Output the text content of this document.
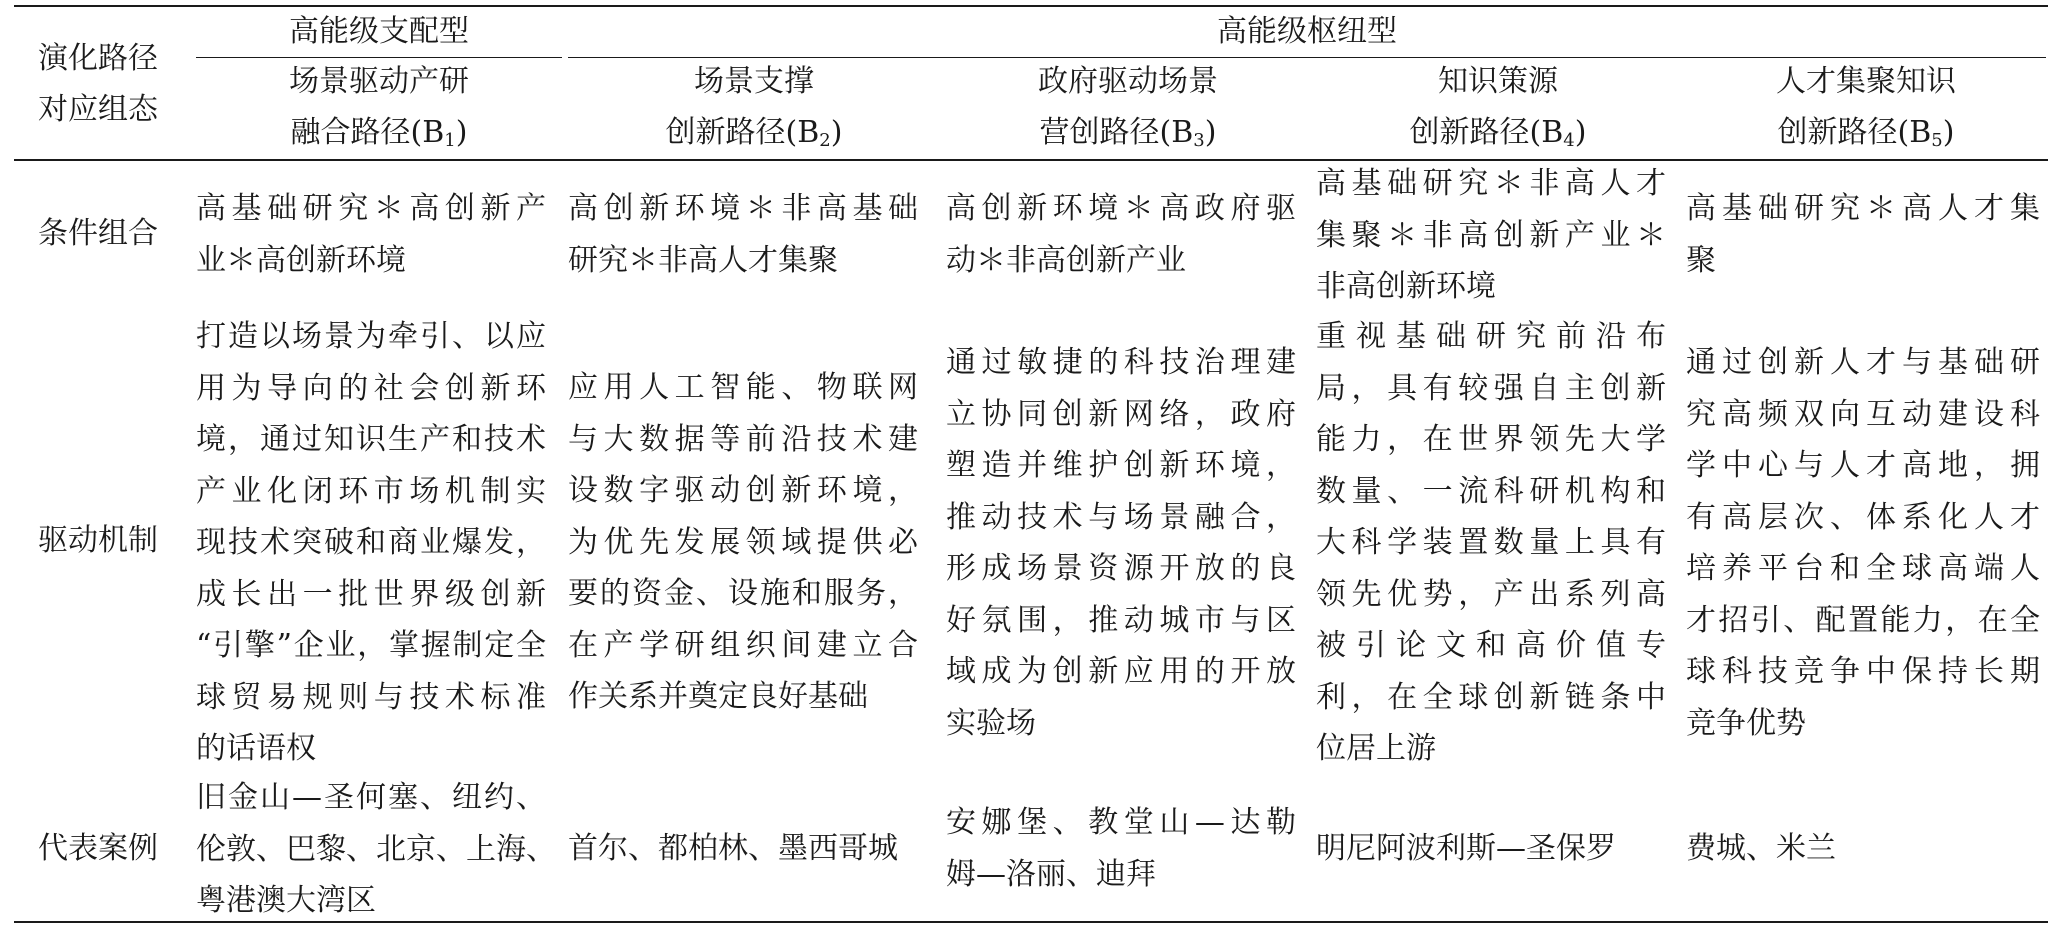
演化路径
对应组态
高能级支配型	高能级枢纽型
场景驱动产研
融合路径$(B_1)$
场景支撑
创新路径$(B_2)$
政府驱动场景
营创路径$(B_3)$
知识策源
创新路径$(B_4)$
人才集聚知识
创新路径$(B_5)$
条件组合
驱动机制
代表案例
高基础研究＊高创新产
业＊高创新环境
高创新环境＊非高基础
研究＊非高人才集聚
高创新环境＊高政府驱
动＊非高创新产业
高基础研究＊非高人才
集聚＊非高创新产业＊
非高创新环境
高基础研究＊高人才集
聚
打造以场景为牵引、以应
用为导向的社会创新环
境，通过知识生产和技术
产业化闭环市场机制实
现技术突破和商业爆发，
成长出一批世界级创新
“引擎”企业，掌握制定全
球贸易规则与技术标准
的话语权
应用人工智能、物联网
与大数据等前沿技术建
设数字驱动创新环境，
为优先发展领域提供必
要的资金、设施和服务，
在产学研组织间建立合
作关系并奠定良好基础
通过敏捷的科技治理建
立协同创新网络，政府
塑造并维护创新环境，
推动技术与场景融合，
形成场景资源开放的良
好氛围，推动城市与区
域成为创新应用的开放
实验场
重视基础研究前沿布
局，具有较强自主创新
能力，在世界领先大学
数量、一流科研机构和
大科学装置数量上具有
领先优势，产出系列高
被引论文和高价值专
利，在全球创新链条中
位居上游
通过创新人才与基础研
究高频双向互动建设科
学中心与人才高地，拥
有高层次、体系化人才
培养平台和全球高端人
才招引、配置能力，在全
球科技竞争中保持长期
竞争优势
旧金山—圣何塞、纽约、
伦敦、巴黎、北京、上海、
粤港澳大湾区
首尔、都柏林、墨西哥城
安娜堡、教堂山—达勒
姆—洛丽、迪拜
明尼阿波利斯—圣保罗	费城、米兰
